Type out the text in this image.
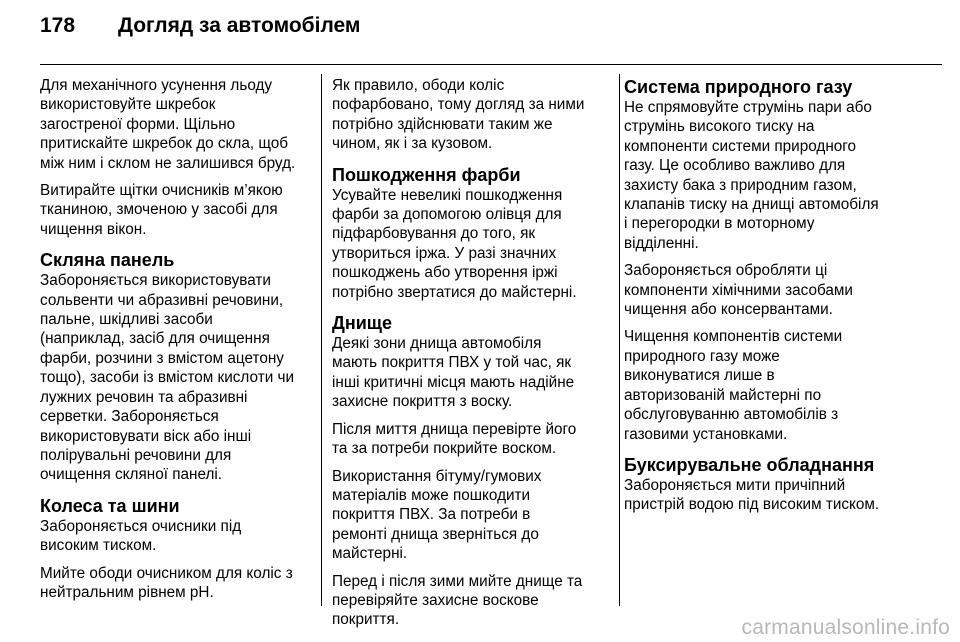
178	Догляд за автомобілем

Для механічного усунення льоду
використовуйте шкребок
загостреної форми. Щільно
притискайте шкребок до скла, щоб
між ним і склом не залишився бруд.

Витирайте щітки очисників м’якою
тканиною, змоченою у засобі для
чищення вікон.

Скляна панель

Забороняється використовувати
сольвенти чи абразивні речовини,
пальне, шкідливі засоби
(наприклад, засіб для очищення
фарби, розчини з вмістом ацетону
тощо), засоби із вмістом кислоти чи
лужних речовин та абразивні
серветки. Забороняється
використовувати віск або інші
полірувальні речовини для
очищення скляної панелі.

Колеса та шини

Забороняється очисники під
високим тиском.

Мийте ободи очисником для коліс з
нейтральним рівнем pH.

Як правило, ободи коліс
пофарбовано, тому догляд за ними
потрібно здійснювати таким же
чином, як і за кузовом.

Пошкодження фарби

Усувайте невеликі пошкодження
фарби за допомогою олівця для
підфарбовування до того, як
утвориться іржа. У разі значних
пошкоджень або утворення іржі
потрібно звертатися до майстерні.

Днище

Деякі зони днища автомобіля
мають покриття ПВХ у той час, як
інші критичні місця мають надійне
захисне покриття з воску.

Після миття днища перевірте його
та за потреби покрийте воском.

Використання бітуму/гумових
матеріалів може пошкодити
покриття ПВХ. За потреби в
ремонті днища зверніться до
майстерні.

Перед і після зими мийте днище та
перевіряйте захисне воскове
покриття.

Система природного газу

Не спрямовуйте струмінь пари або
струмінь високого тиску на
компоненти системи природного
газу. Це особливо важливо для
захисту бака з природним газом,
клапанів тиску на днищі автомобіля
і перегородки в моторному
відділенні.

Забороняється обробляти ці
компоненти хімічними засобами
чищення або консервантами.

Чищення компонентів системи
природного газу може
виконуватися лише в
авторизованій майстерні по
обслуговуванню автомобілів з
газовими установками.

Буксирувальне обладнання

Забороняється мити причіпний
пристрій водою під високим тиском.

carmanualsonline.info
